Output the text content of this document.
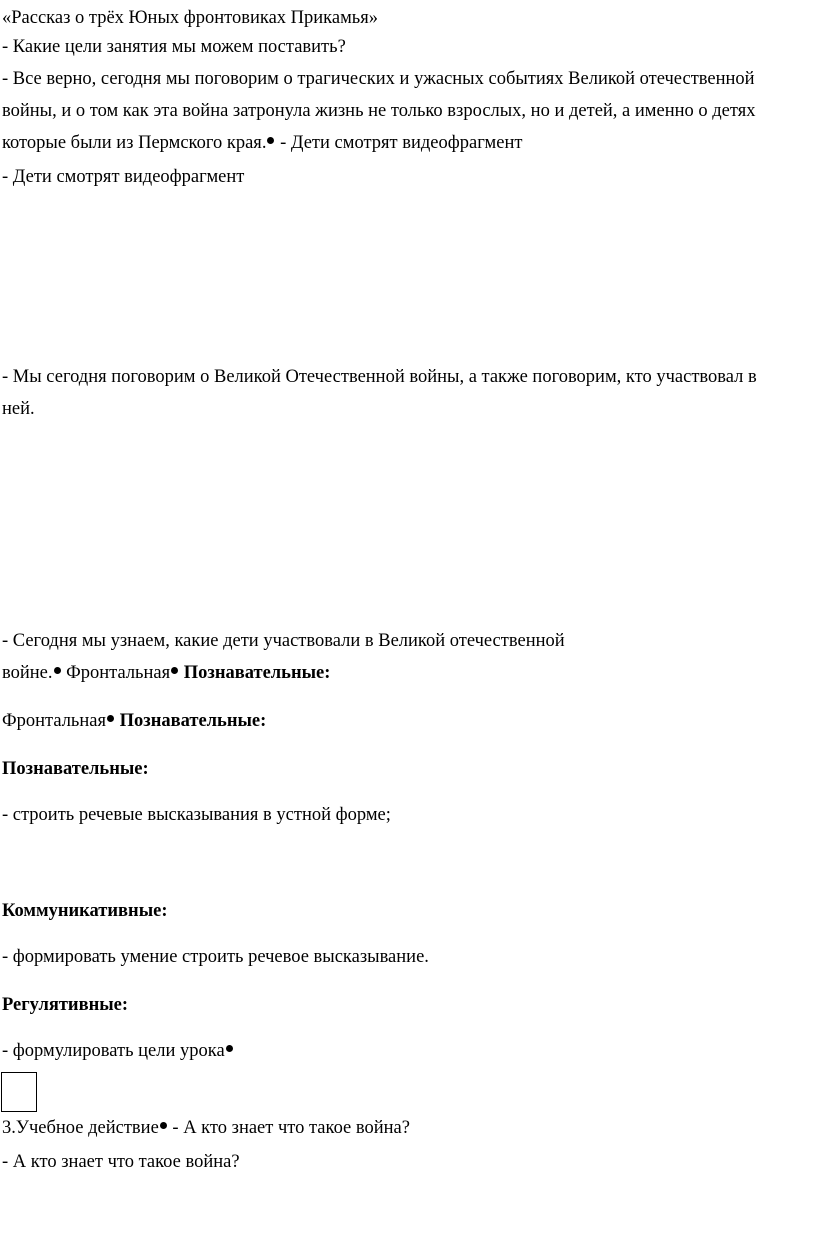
«Рассказ о трёх Юных фронтовиках Прикамья»
- Какие цели занятия мы можем поставить?
- Все верно, сегодня мы поговорим о трагических и ужасных событиях Великой отечественной
войны, и о том как эта война затронула жизнь не только взрослых, но и детей, а именно о детях
которые были из Пермского края. - Дети смотрят видеофрагмент
- Дети смотрят видеофрагмент
- Мы сегодня поговорим о Великой Отечественной войны, а также поговорим, кто участвовал в
ней.
- Сегодня мы узнаем, какие дети участвовали в Великой отечественной
войне. Фронтальная Познавательные:
Фронтальная Познавательные:
Познавательные:
- строить речевые высказывания в устной форме;
Коммуникативные:
- формировать умение строить речевое высказывание.
Регулятивные:
- формулировать цели урока
3.Учебное действие - А кто знает что такое война?
- А кто знает что такое война?
